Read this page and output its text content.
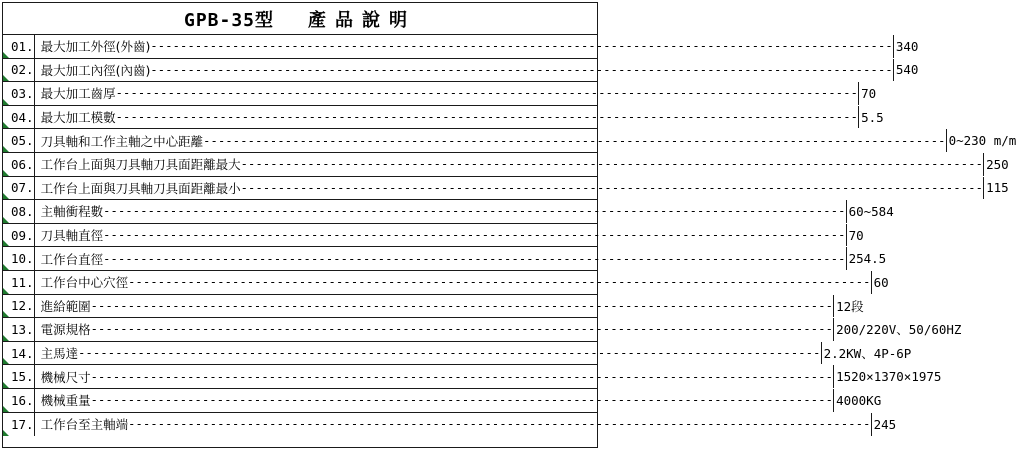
GPB-35型 產品說明
01. 最大加工外徑(外齒) ---------------------------------------------------------------------------------------------------- 340
02. 最大加工內徑(內齒) ---------------------------------------------------------------------------------------------------- 540
03. 最大加工齒厚 ---------------------------------------------------------------------------------------------------- 70
04. 最大加工模數 ---------------------------------------------------------------------------------------------------- 5.5
05. 刀具軸和工作主軸之中心距離 ---------------------------------------------------------------------------------------------------- 0~230 m/m
06. 工作台上面與刀具軸刀具面距離最大 ---------------------------------------------------------------------------------------------------- 250
07. 工作台上面與刀具軸刀具面距離最小 ---------------------------------------------------------------------------------------------------- 115
08. 主軸衝程數 ---------------------------------------------------------------------------------------------------- 60~584
09. 刀具軸直徑 ---------------------------------------------------------------------------------------------------- 70
10. 工作台直徑 ---------------------------------------------------------------------------------------------------- 254.5
11. 工作台中心穴徑 ---------------------------------------------------------------------------------------------------- 60
12. 進給範圍 ---------------------------------------------------------------------------------------------------- 12段
13. 電源規格 ---------------------------------------------------------------------------------------------------- 200/220V、50/60HZ
14. 主馬達 ---------------------------------------------------------------------------------------------------- 2.2KW、4P-6P
15. 機械尺寸 ---------------------------------------------------------------------------------------------------- 1520×1370×1975
16. 機械重量 ---------------------------------------------------------------------------------------------------- 4000KG
17. 工作台至主軸端 ---------------------------------------------------------------------------------------------------- 245
